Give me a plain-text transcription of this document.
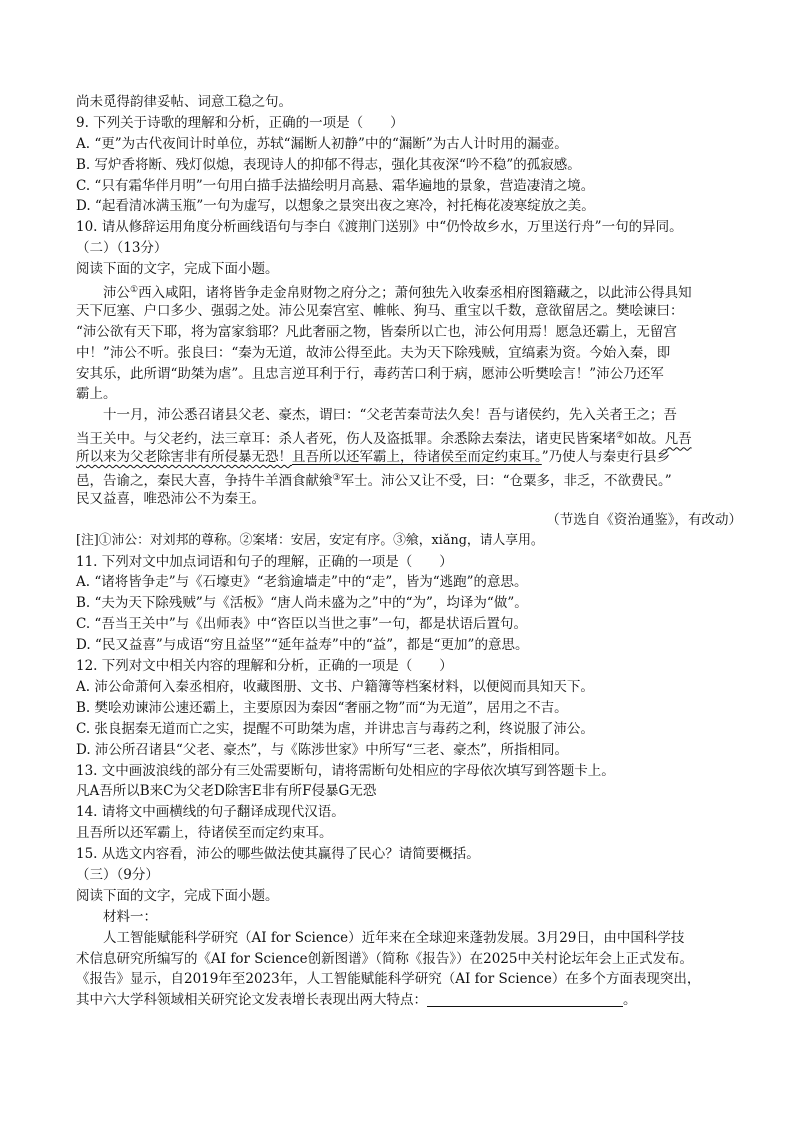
尚未觅得韵律妥帖、词意工稳之句。
9. 下列关于诗歌的理解和分析，正确的一项是（　　）
A. “更”为古代夜间计时单位，苏轼“漏断人初静”中的“漏断”为古人计时用的漏壶。
B. 写炉香将断、残灯似熄，表现诗人的抑郁不得志，强化其夜深“吟不稳”的孤寂感。
C. “只有霜华伴月明”一句用白描手法描绘明月高悬、霜华遍地的景象，营造凄清之境。
D. “起看清冰满玉瓶”一句为虚写，以想象之景突出夜之寒冷，衬托梅花凌寒绽放之美。
10. 请从修辞运用角度分析画线语句与李白《渡荆门送别》中“仍怜故乡水，万里送行舟”一句的异同。
（二）（13分）
阅读下面的文字，完成下面小题。
沛公①西入咸阳，诸将皆争走金帛财物之府分之；萧何独先入收秦丞相府图籍藏之，以此沛公得具知
天下厄塞、户口多少、强弱之处。沛公见秦宫室、帷帐、狗马、重宝以千数，意欲留居之。樊哙谏曰：
“沛公欲有天下耶，将为富家翁耶？凡此奢丽之物，皆秦所以亡也，沛公何用焉！愿急还霸上，无留宫
中！”沛公不听。张良曰：“秦为无道，故沛公得至此。夫为天下除残贼，宜缟素为资。今始入秦，即
安其乐，此所谓“助桀为虐”。且忠言逆耳利于行，毒药苦口利于病，愿沛公听樊哙言！”沛公乃还军
霸上。
十一月，沛公悉召诸县父老、豪杰，谓曰：“父老苦秦苛法久矣！吾与诸侯约，先入关者王之；吾
当王关中。与父老约，法三章耳：杀人者死，伤人及盗抵罪。余悉除去秦法，诸吏民皆案堵②如故。凡吾
所以来为父老除害非有所侵暴无恐！且吾所以还军霸上，待诸侯至而定约束耳。”乃使人与秦吏行县乡
邑，告谕之，秦民大喜，争持牛羊酒食献飨③军士。沛公又让不受，曰：“仓粟多，非乏，不欲费民。”
民又益喜，唯恐沛公不为秦王。
（节选自《资治通鉴》，有改动）
[注]①沛公：对刘邦的尊称。②案堵：安居，安定有序。③飨，xiǎng，请人享用。
11. 下列对文中加点词语和句子的理解，正确的一项是（　　）
A. “诸将皆争走”与《石壕吏》“老翁逾墙走”中的“走”，皆为“逃跑”的意思。
B. “夫为天下除残贼”与《活板》“唐人尚未盛为之”中的“为”，均译为“做”。
C. “吾当王关中”与《出师表》中“咨臣以当世之事”一句，都是状语后置句。
D. “民又益喜”与成语“穷且益坚”“延年益寿”中的“益”，都是“更加”的意思。
12. 下列对文中相关内容的理解和分析，正确的一项是（　　）
A. 沛公命萧何入秦丞相府，收藏图册、文书、户籍簿等档案材料，以便阅而具知天下。
B. 樊哙劝谏沛公速还霸上，主要原因为秦因“奢丽之物”而“为无道”，居用之不吉。
C. 张良据秦无道而亡之实，提醒不可助桀为虐，并讲忠言与毒药之利，终说服了沛公。
D. 沛公所召诸县“父老、豪杰”，与《陈涉世家》中所写“三老、豪杰”，所指相同。
13. 文中画波浪线的部分有三处需要断句，请将需断句处相应的字母依次填写到答题卡上。
凡A吾所以B来C为父老D除害E非有所F侵暴G无恐
14. 请将文中画横线的句子翻译成现代汉语。
且吾所以还军霸上，待诸侯至而定约束耳。
15. 从选文内容看，沛公的哪些做法使其赢得了民心？请简要概括。
（三）（9分）
阅读下面的文字，完成下面小题。
材料一：
人工智能赋能科学研究（AI for Science）近年来在全球迎来蓬勃发展。3月29日，由中国科学技
术信息研究所编写的《AI for Science创新图谱》（简称《报告》）在2025中关村论坛年会上正式发布。
《报告》显示，自2019年至2023年，人工智能赋能科学研究（AI for Science）在多个方面表现突出，
其中六大学科领域相关研究论文发表增长表现出两大特点：	。
